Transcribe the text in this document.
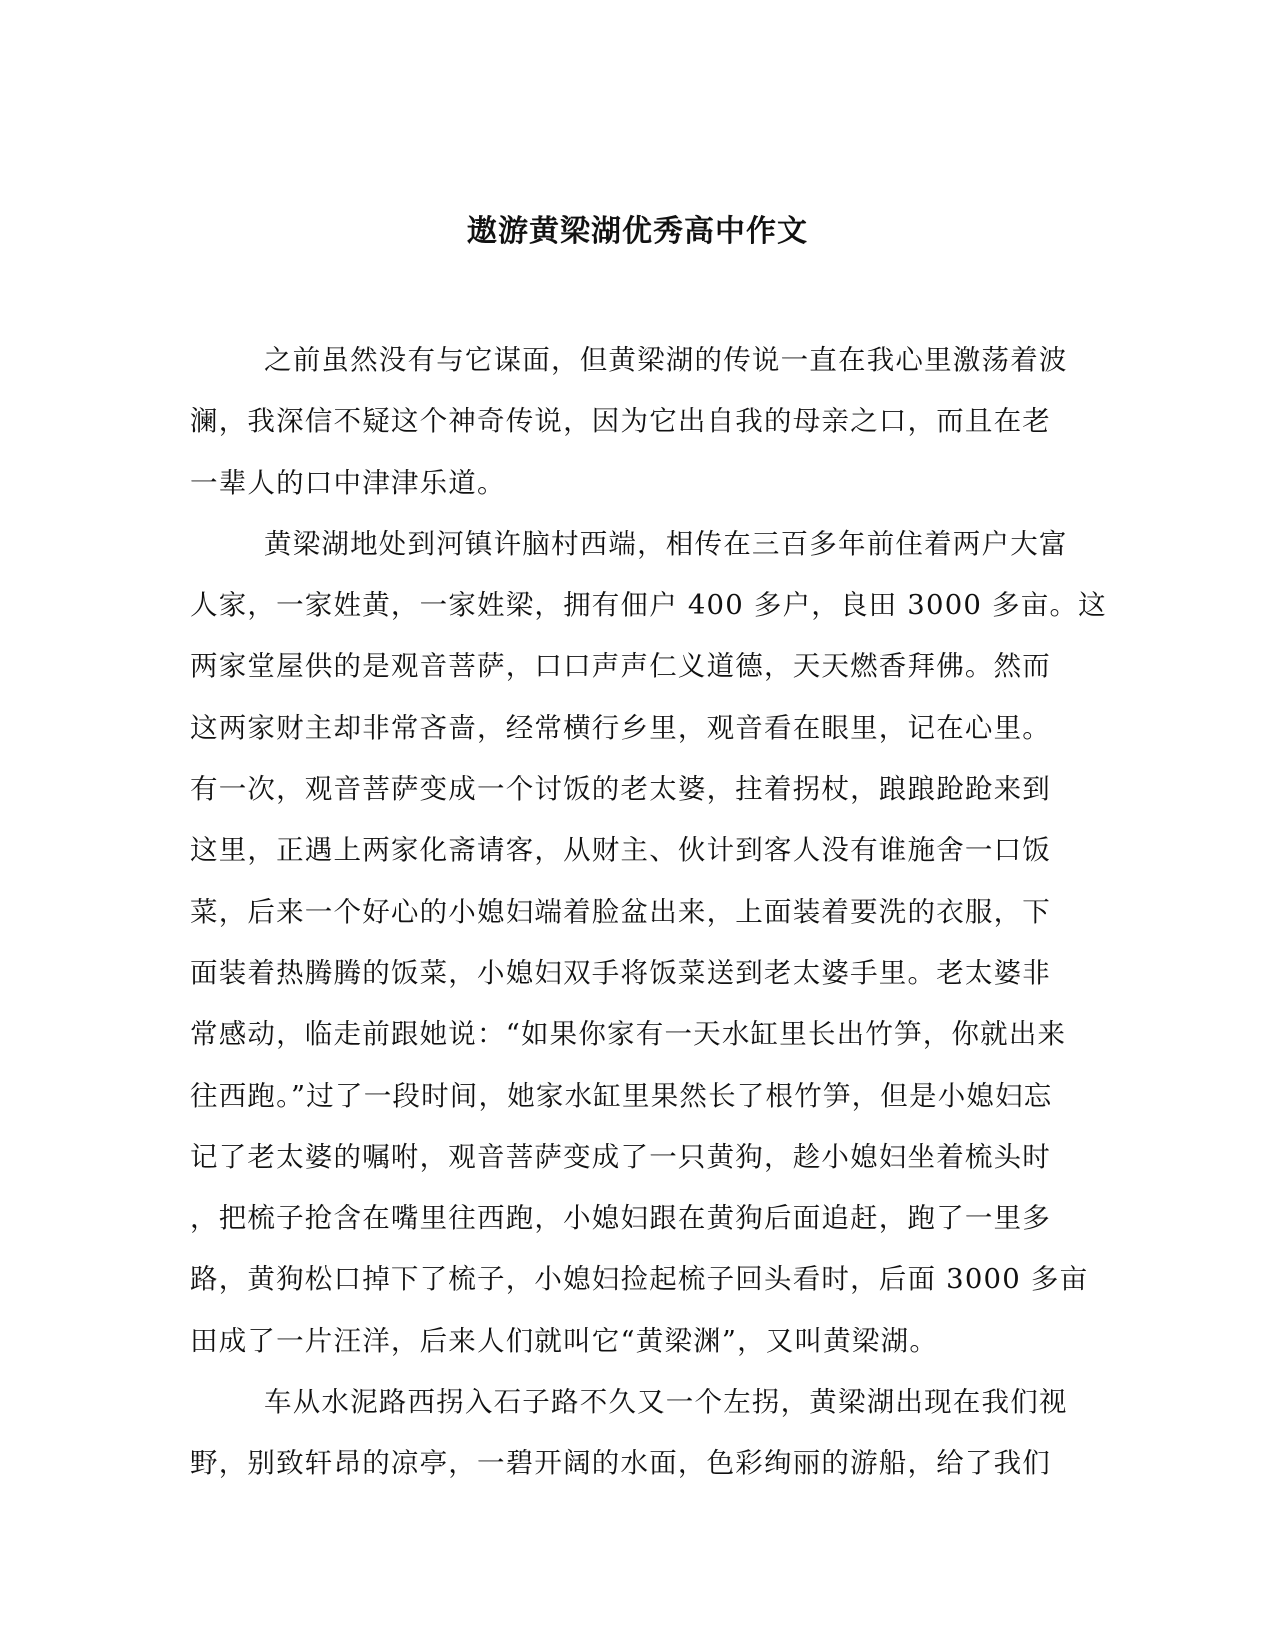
遨游黄梁湖优秀高中作文

之前虽然没有与它谋面，但黄梁湖的传说一直在我心里激荡着波

澜，我深信不疑这个神奇传说，因为它出自我的母亲之口，而且在老

一辈人的口中津津乐道。

黄梁湖地处到河镇许脑村西端，相传在三百多年前住着两户大富

人家，一家姓黄，一家姓梁，拥有佃户 400 多户，良田 3000 多亩。这

两家堂屋供的是观音菩萨，口口声声仁义道德，天天燃香拜佛。然而

这两家财主却非常吝啬，经常横行乡里，观音看在眼里，记在心里。

有一次，观音菩萨变成一个讨饭的老太婆，拄着拐杖，踉踉跄跄来到

这里，正遇上两家化斋请客，从财主、伙计到客人没有谁施舍一口饭

菜，后来一个好心的小媳妇端着脸盆出来，上面装着要洗的衣服，下

面装着热腾腾的饭菜，小媳妇双手将饭菜送到老太婆手里。老太婆非

常感动，临走前跟她说：“如果你家有一天水缸里长出竹笋，你就出来

往西跑。”过了一段时间，她家水缸里果然长了根竹笋，但是小媳妇忘

记了老太婆的嘱咐，观音菩萨变成了一只黄狗，趁小媳妇坐着梳头时

，把梳子抢含在嘴里往西跑，小媳妇跟在黄狗后面追赶，跑了一里多

路，黄狗松口掉下了梳子，小媳妇捡起梳子回头看时，后面 3000 多亩

田成了一片汪洋，后来人们就叫它“黄梁渊”，又叫黄梁湖。

车从水泥路西拐入石子路不久又一个左拐，黄梁湖出现在我们视

野，别致轩昂的凉亭，一碧开阔的水面，色彩绚丽的游船，给了我们
